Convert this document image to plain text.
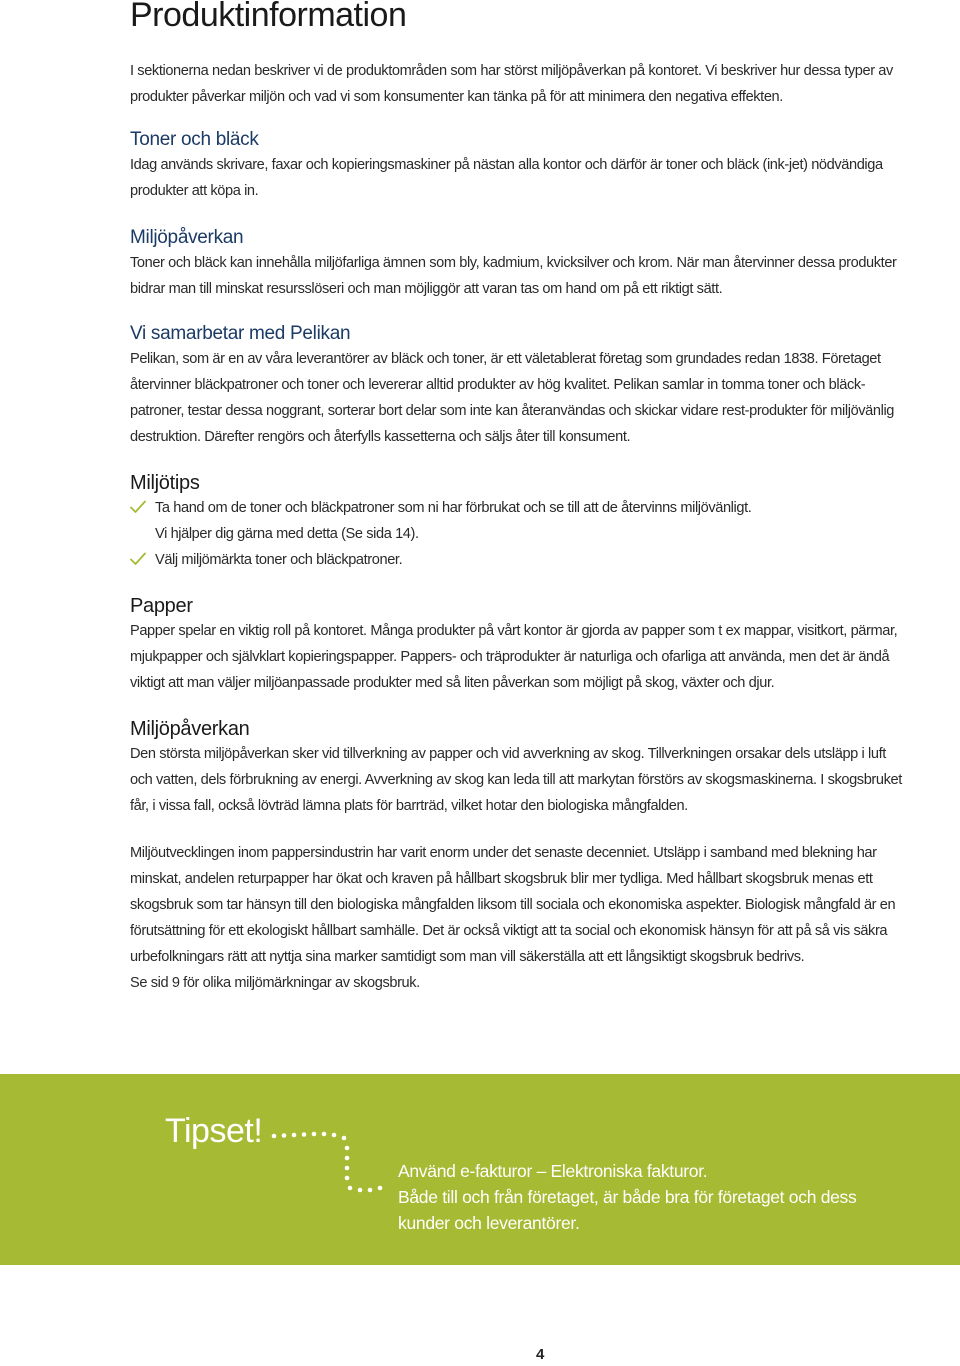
Produktinformation
I sektionerna nedan beskriver vi de produktområden som har störst miljöpåverkan på kontoret. Vi beskriver hur dessa typer av
produkter påverkar miljön och vad vi som konsumenter kan tänka på för att minimera den negativa effekten.
Toner och bläck
Idag används skrivare, faxar och kopieringsmaskiner på nästan alla kontor och därför är toner och bläck (ink-jet) nödvändiga
produkter att köpa in.
Miljöpåverkan
Toner och bläck kan innehålla miljöfarliga ämnen som bly, kadmium, kvicksilver och krom. När man återvinner dessa produkter
bidrar man till minskat resursslöseri och man möjliggör att varan tas om hand om på ett riktigt sätt.
Vi samarbetar med Pelikan
Pelikan, som är en av våra leverantörer av bläck och toner, är ett väletablerat företag som grundades redan 1838. Företaget
återvinner bläckpatroner och toner och levererar alltid produkter av hög kvalitet. Pelikan samlar in tomma toner och bläck-
patroner, testar dessa noggrant, sorterar bort delar som inte kan återanvändas och skickar vidare rest-produkter för miljövänlig
destruktion. Därefter rengörs och återfylls kassetterna och säljs åter till konsument.
Miljötips
Ta hand om de toner och bläckpatroner som ni har förbrukat och se till att de återvinns miljövänligt.
Vi hjälper dig gärna med detta (Se sida 14).
Välj miljömärkta toner och bläckpatroner.
Papper
Papper spelar en viktig roll på kontoret. Många produkter på vårt kontor är gjorda av papper som t ex mappar, visitkort, pärmar,
mjukpapper och självklart kopieringspapper. Pappers- och träprodukter är naturliga och ofarliga att använda, men det är ändå
viktigt att man väljer miljöanpassade produkter med så liten påverkan som möjligt på skog, växter och djur.
Miljöpåverkan
Den största miljöpåverkan sker vid tillverkning av papper och vid avverkning av skog. Tillverkningen orsakar dels utsläpp i luft
och vatten, dels förbrukning av energi. Avverkning av skog kan leda till att markytan förstörs av skogsmaskinerna. I skogsbruket
får, i vissa fall, också lövträd lämna plats för barrträd, vilket hotar den biologiska mångfalden.
Miljöutvecklingen inom pappersindustrin har varit enorm under det senaste decenniet. Utsläpp i samband med blekning har
minskat, andelen returpapper har ökat och kraven på hållbart skogsbruk blir mer tydliga. Med hållbart skogsbruk menas ett
skogsbruk som tar hänsyn till den biologiska mångfalden liksom till sociala och ekonomiska aspekter. Biologisk mångfald är en
förutsättning för ett ekologiskt hållbart samhälle. Det är också viktigt att ta social och ekonomisk hänsyn för att på så vis säkra
urbefolkningars rätt att nyttja sina marker samtidigt som man vill säkerställa att ett långsiktigt skogsbruk bedrivs.
Se sid 9 för olika miljömärkningar av skogsbruk.
Tipset!
Använd e-fakturor – Elektroniska fakturor.
Både till och från företaget, är både bra för företaget och dess
kunder och leverantörer.
4
